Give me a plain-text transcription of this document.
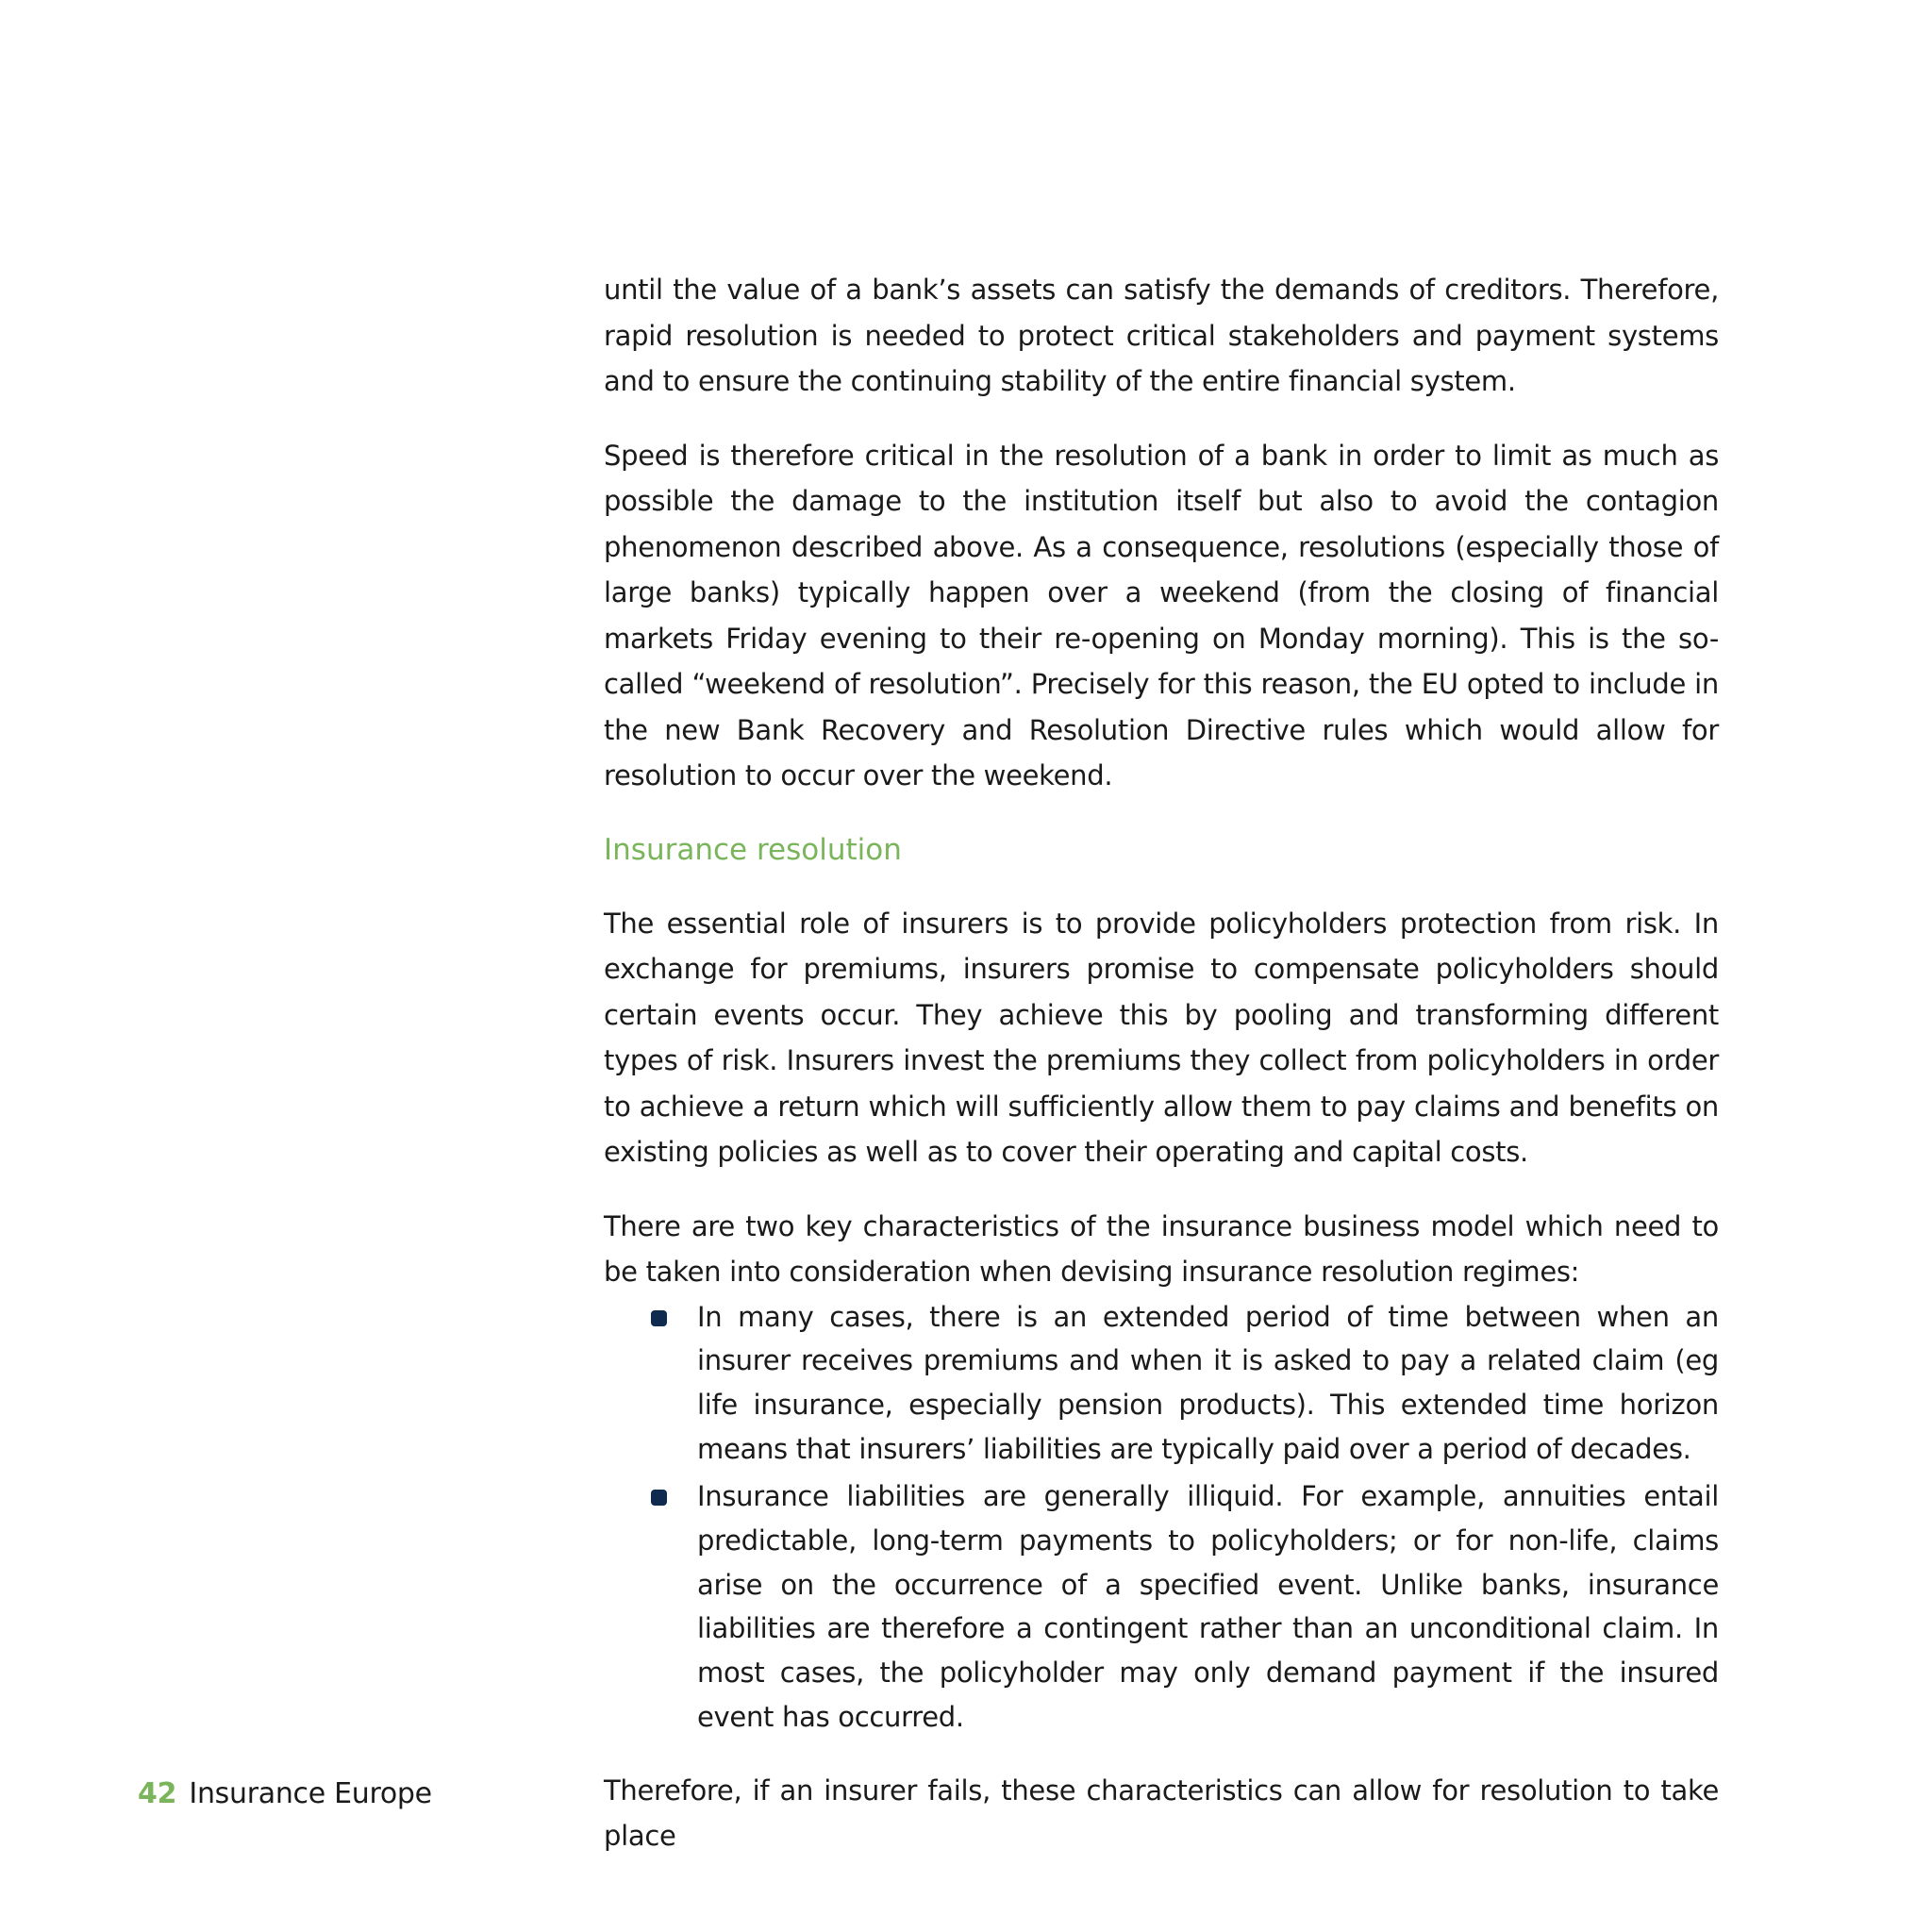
until the value of a bank’s assets can satisfy the demands of creditors. Therefore, rapid resolution is needed to protect critical stakeholders and payment systems and to ensure the continuing stability of the entire financial system.

Speed is therefore critical in the resolution of a bank in order to limit as much as possible the damage to the institution itself but also to avoid the contagion phenomenon described above. As a consequence, resolutions (especially those of large banks) typically happen over a weekend (from the closing of financial markets Friday evening to their re-opening on Monday morning). This is the so-called “weekend of resolution”. Precisely for this reason, the EU opted to include in the new Bank Recovery and Resolution Directive rules which would allow for resolution to occur over the weekend.

Insurance resolution

The essential role of insurers is to provide policyholders protection from risk. In exchange for premiums, insurers promise to compensate policyholders should certain events occur. They achieve this by pooling and transforming different types of risk. Insurers invest the premiums they collect from policyholders in order to achieve a return which will sufficiently allow them to pay claims and benefits on existing policies as well as to cover their operating and capital costs.

There are two key characteristics of the insurance business model which need to be taken into consideration when devising insurance resolution regimes:

In many cases, there is an extended period of time between when an insurer receives premiums and when it is asked to pay a related claim (eg life insurance, especially pension products). This extended time horizon means that insurers’ liabilities are typically paid over a period of decades.
Insurance liabilities are generally illiquid. For example, annuities entail predictable, long-term payments to policyholders; or for non-life, claims arise on the occurrence of a specified event. Unlike banks, insurance liabilities are therefore a contingent rather than an unconditional claim. In most cases, the policyholder may only demand payment if the insured event has occurred.

Therefore, if an insurer fails, these characteristics can allow for resolution to take place

42 Insurance Europe
